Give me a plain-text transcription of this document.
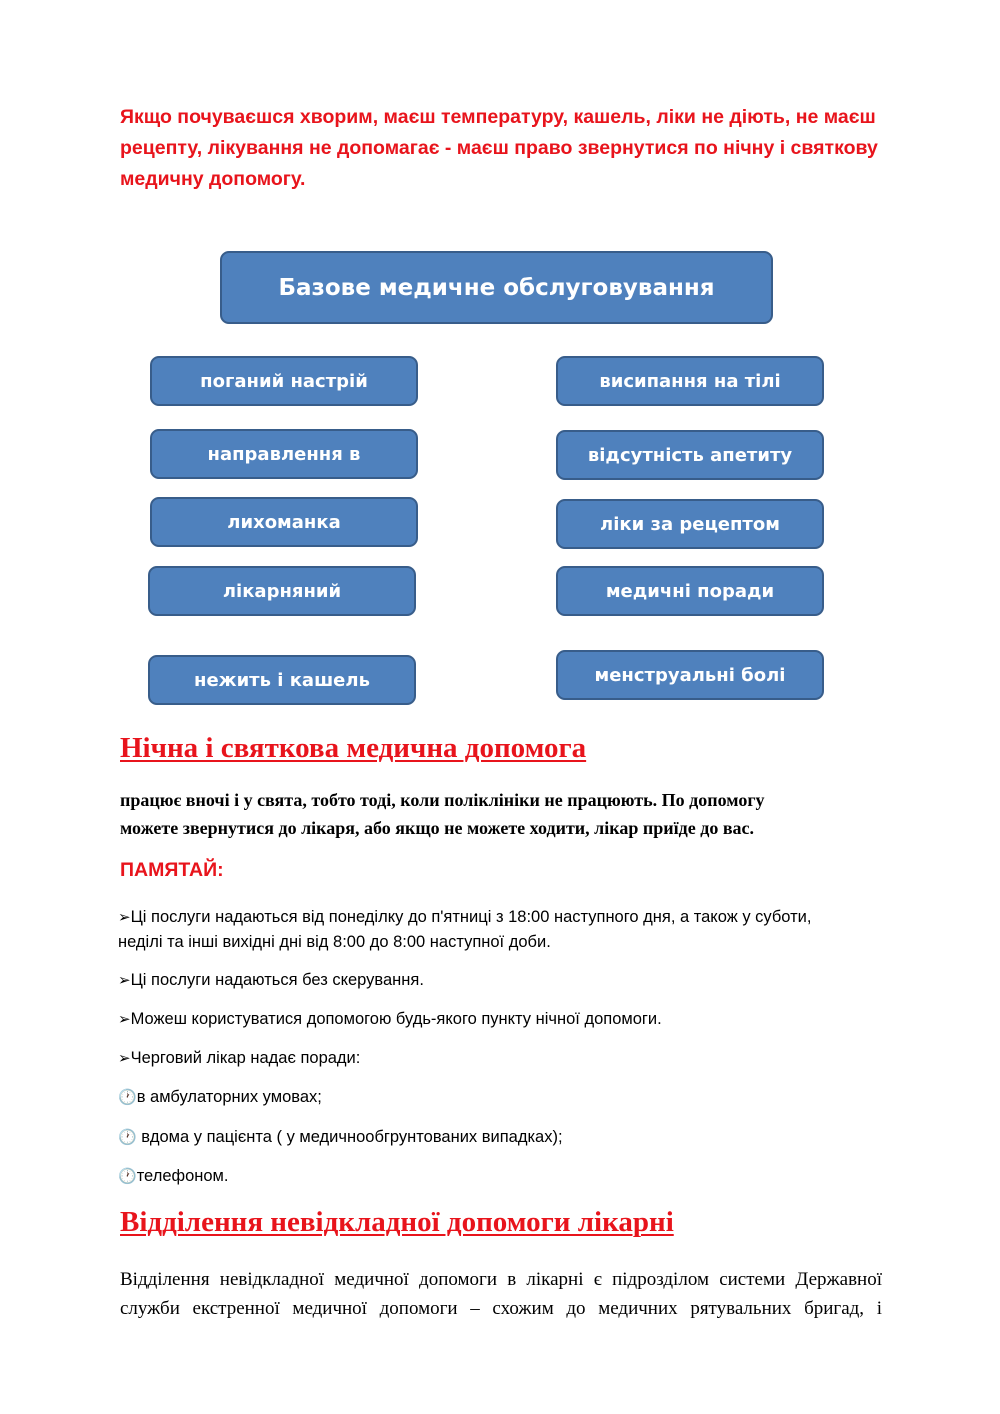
Якщо почуваєшся хворим, маєш температуру, кашель, ліки не діють, не маєш рецепту, лікування не допомагає - маєш право звернутися по нічну і святкову медичну допомогу.

Базове медичне обслуговування
поганий настрій
направлення в
лихоманка
лікарняний
нежить і кашель
висипання на тілі
відсутність апетиту
ліки за рецептом
медичні поради
менструальні болі
Нічна і святкова медична допомога

працює вночі і у свята, тобто тоді, коли поліклініки не працюють. По допомогу

можете звернутися до лікаря, або якщо не можете ходити, лікар приїде до вас.

ПАМЯТАЙ:

➢Ці послуги надаються від понеділку до п'ятниці з 18:00 наступного дня, а також у суботи,
неділі та інші вихідні дні від 8:00 до 8:00 наступної доби.

➢Ці послуги надаються без скерування.

➢Можеш користуватися допомогою будь-якого пункту нічної допомоги.

➢Черговий лікар надає поради:

🕐в амбулаторних умовах;

🕐 вдома у пацієнта ( у медичнообгрунтованих випадках);

🕐телефоном.

Відділення невідкладної допомоги лікарні

Відділення невідкладної медичної допомоги в лікарні є підрозділом системи Державної

служби екстренної медичної допомоги – схожим до медичних рятувальних бригад, і
